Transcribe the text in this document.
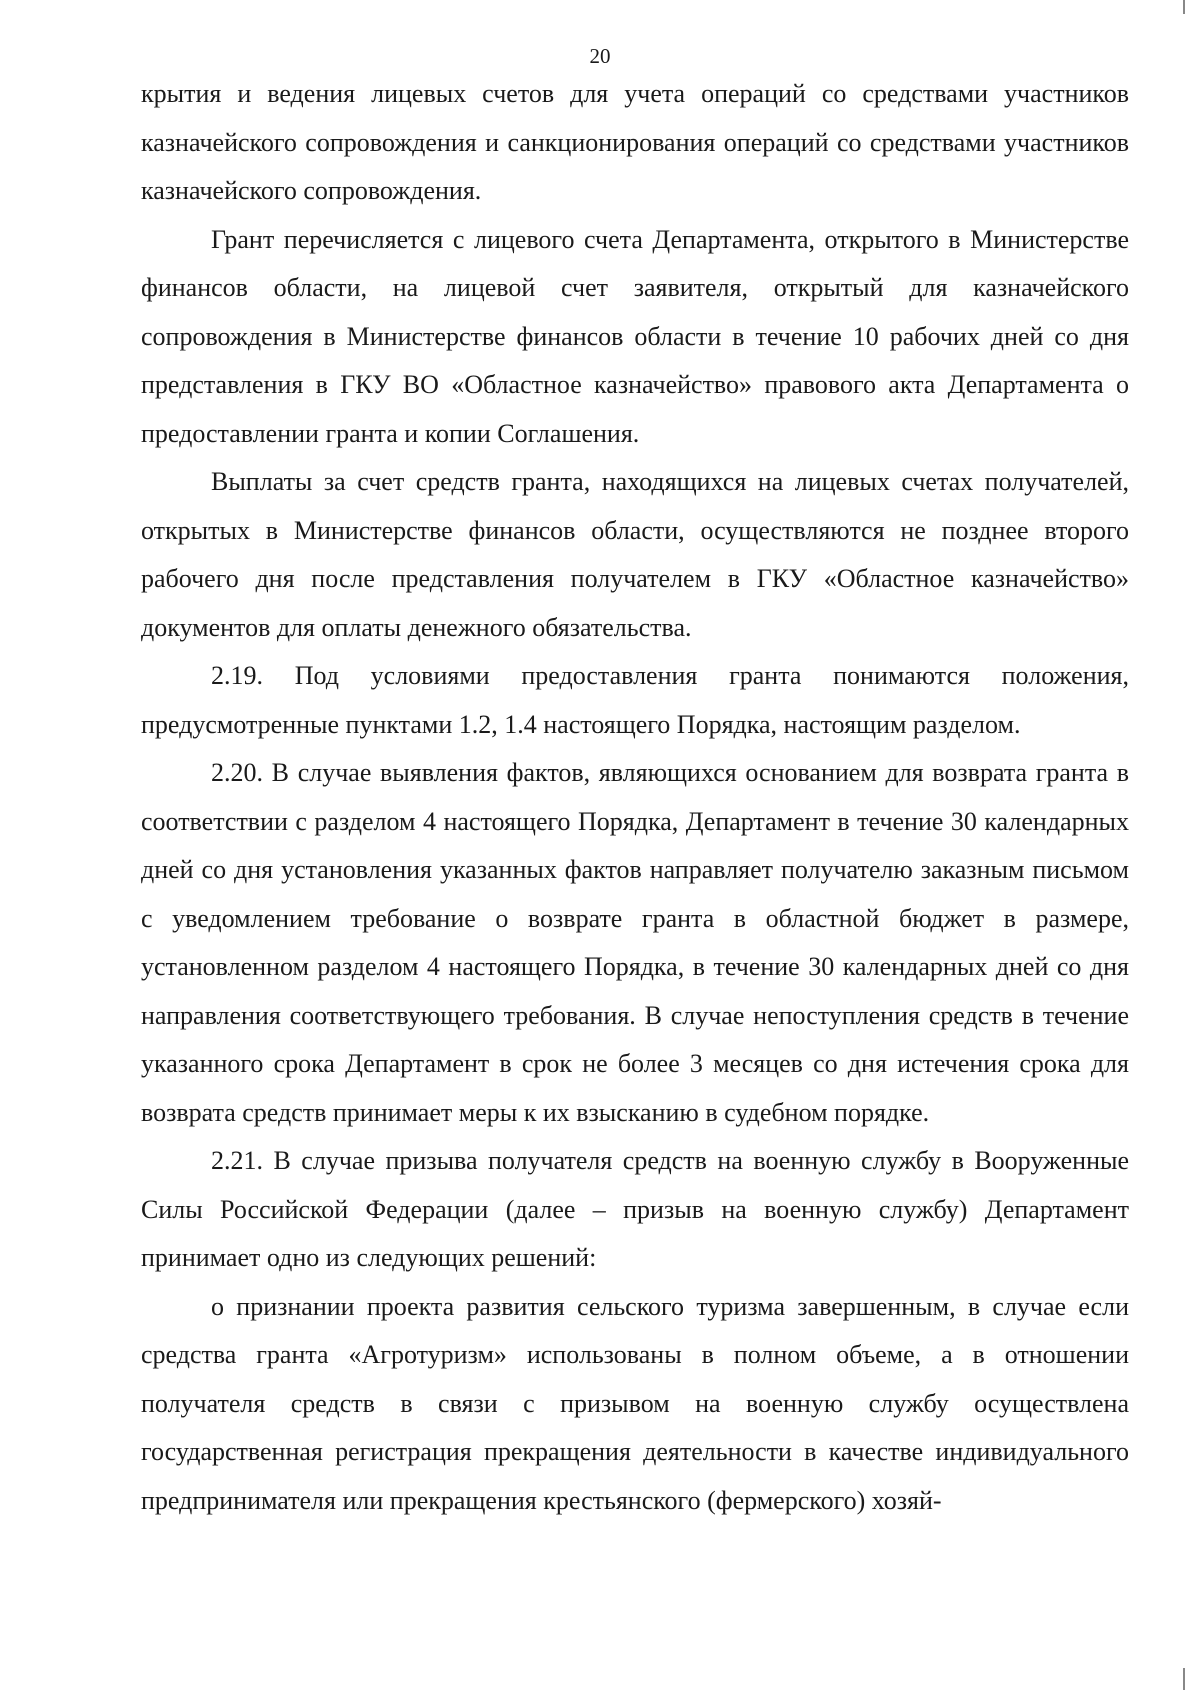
20

крытия и ведения лицевых счетов для учета операций со средствами участников казначейского сопровождения и санкционирования операций со средствами участников казначейского сопровождения.

Грант перечисляется с лицевого счета Департамента, открытого в Министерстве финансов области, на лицевой счет заявителя, открытый для казначейского сопровождения в Министерстве финансов области в течение 10 рабочих дней со дня представления в ГКУ ВО «Областное казначейство» правового акта Департамента о предоставлении гранта и копии Соглашения.

Выплаты за счет средств гранта, находящихся на лицевых счетах получателей, открытых в Министерстве финансов области, осуществляются не позднее второго рабочего дня после представления получателем в ГКУ «Областное казначейство» документов для оплаты денежного обязательства.

2.19. Под условиями предоставления гранта понимаются положения, предусмотренные пунктами 1.2, 1.4 настоящего Порядка, настоящим разделом.

2.20. В случае выявления фактов, являющихся основанием для возврата гранта в соответствии с разделом 4 настоящего Порядка, Департамент в течение 30 календарных дней со дня установления указанных фактов направляет получателю заказным письмом с уведомлением требование о возврате гранта в областной бюджет в размере, установленном разделом 4 настоящего Порядка, в течение 30 календарных дней со дня направления соответствующего требования. В случае непоступления средств в течение указанного срока Департамент в срок не более 3 месяцев со дня истечения срока для возврата средств принимает меры к их взысканию в судебном порядке.

2.21. В случае призыва получателя средств на военную службу в Вооруженные Силы Российской Федерации (далее – призыв на военную службу) Департамент принимает одно из следующих решений:

о признании проекта развития сельского туризма завершенным, в случае если средства гранта «Агротуризм» использованы в полном объеме, а в отношении получателя средств в связи с призывом на военную службу осуществлена государственная регистрация прекращения деятельности в качестве индивидуального предпринимателя или прекращения крестьянского (фермерского) хозяй-
